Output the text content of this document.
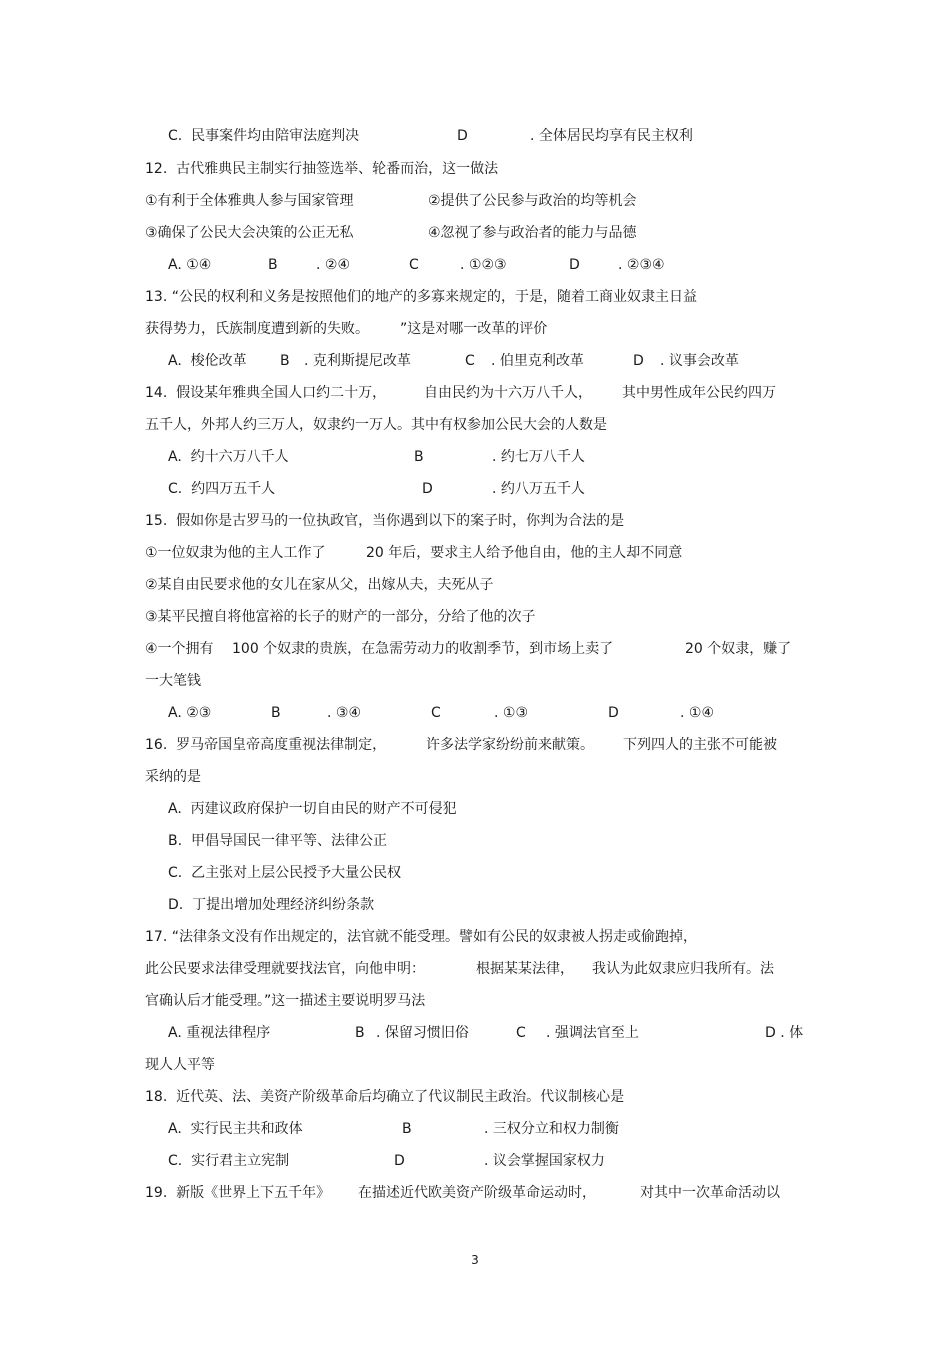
C.  民事案件均由陪审法庭判决	D	. 全体居民均享有民主权利
12.  古代雅典民主制实行抽签选举、轮番而治，这一做法
①有利于全体雅典人参与国家管理	②提供了公民参与政治的均等机会
③确保了公民大会决策的公正无私	④忽视了参与政治者的能力与品德
A. ①④	B	. ②④	C	. ①②③	D	. ②③④
13. “公民的权利和义务是按照他们的地产的多寡来规定的，于是，随着工商业奴隶主日益
获得势力，氏族制度遭到新的失败。 ”这是对哪一改革的评价
A.  梭伦改革 B . 克利斯提尼改革	C . 伯里克利改革	D . 议事会改革
14.  假设某年雅典全国人口约二十万，	自由民约为十六万八千人， 其中男性成年公民约四万
五千人，外邦人约三万人，奴隶约一万人。其中有权参加公民大会的人数是
A.  约十六万八千人	B	. 约七万八千人
C.  约四万五千人	D	. 约八万五千人
15.  假如你是古罗马的一位执政官，当你遇到以下的案子时，你判为合法的是
①一位奴隶为他的主人工作了	20 年后，要求主人给予他自由，他的主人却不同意
②某自由民要求他的女儿在家从父，出嫁从夫，夫死从子
③某平民擅自将他富裕的长子的财产的一部分，分给了他的次子
④一个拥有 100 个奴隶的贵族，在急需劳动力的收割季节，到市场上卖了	20 个奴隶，赚了
一大笔钱
A. ②③	B	. ③④	C	. ①③	D	. ①④
16.  罗马帝国皇帝高度重视法律制定，	许多法学家纷纷前来献策。 下列四人的主张不可能被
采纳的是
A.  丙建议政府保护一切自由民的财产不可侵犯
B.  甲倡导国民一律平等、法律公正
C.  乙主张对上层公民授予大量公民权
D.  丁提出增加处理经济纠纷条款
17. “法律条文没有作出规定的，法官就不能受理。譬如有公民的奴隶被人拐走或偷跑掉，
此公民要求法律受理就要找法官，向他申明：	根据某某法律， 我认为此奴隶应归我所有。法
官确认后才能受理。”这一描述主要说明罗马法
A. 重视法律程序	B . 保留习惯旧俗	C . 强调法官至上	D . 体
现人人平等
18.  近代英、法、美资产阶级革命后均确立了代议制民主政治。代议制核心是
A.  实行民主共和政体	B	. 三权分立和权力制衡
C.  实行君主立宪制	D	. 议会掌握国家权力
19.  新版《世界上下五千年》 在描述近代欧美资产阶级革命运动时，	对其中一次革命活动以
3
